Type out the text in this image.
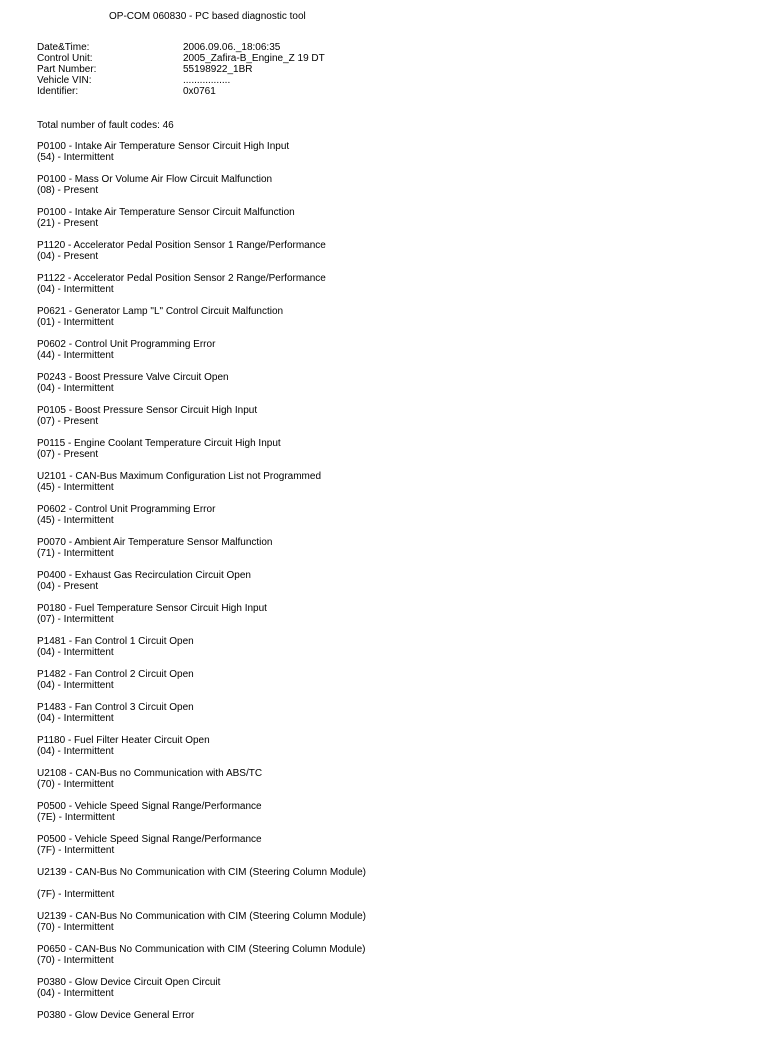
OP-COM 060830 - PC based diagnostic tool
Date&Time:	2006.09.06._18:06:35
Control Unit:	2005_Zafira-B_Engine_Z 19 DT
Part Number:	55198922_1BR
Vehicle VIN:	.................
Identifier:	0x0761
Total number of fault codes: 46
P0100 - Intake Air Temperature Sensor Circuit High Input
(54) - Intermittent
P0100 - Mass Or Volume Air Flow Circuit Malfunction
(08) - Present
P0100 - Intake Air Temperature Sensor Circuit Malfunction
(21) - Present
P1120 - Accelerator Pedal Position Sensor 1 Range/Performance
(04) - Present
P1122 - Accelerator Pedal Position Sensor 2 Range/Performance
(04) - Intermittent
P0621 - Generator Lamp "L" Control Circuit Malfunction
(01) - Intermittent
P0602 - Control Unit Programming Error
(44) - Intermittent
P0243 - Boost Pressure Valve Circuit Open
(04) - Intermittent
P0105 - Boost Pressure Sensor Circuit High Input
(07) - Present
P0115 - Engine Coolant Temperature Circuit High Input
(07) - Present
U2101 - CAN-Bus Maximum Configuration List not Programmed
(45) - Intermittent
P0602 - Control Unit Programming Error
(45) - Intermittent
P0070 - Ambient Air Temperature Sensor Malfunction
(71) - Intermittent
P0400 - Exhaust Gas Recirculation Circuit Open
(04) - Present
P0180 - Fuel Temperature Sensor Circuit High Input
(07) - Intermittent
P1481 - Fan Control 1 Circuit Open
(04) - Intermittent
P1482 - Fan Control 2 Circuit Open
(04) - Intermittent
P1483 - Fan Control 3 Circuit Open
(04) - Intermittent
P1180 - Fuel Filter Heater Circuit Open
(04) - Intermittent
U2108 - CAN-Bus no Communication with ABS/TC
(70) - Intermittent
P0500 - Vehicle Speed Signal Range/Performance
(7E) - Intermittent
P0500 - Vehicle Speed Signal Range/Performance
(7F) - Intermittent
U2139 - CAN-Bus No Communication with CIM (Steering Column Module)
(7F) - Intermittent
U2139 - CAN-Bus No Communication with CIM (Steering Column Module)
(70) - Intermittent
P0650 - CAN-Bus No Communication with CIM (Steering Column Module)
(70) - Intermittent
P0380 - Glow Device Circuit Open Circuit
(04) - Intermittent
P0380 - Glow Device General Error
